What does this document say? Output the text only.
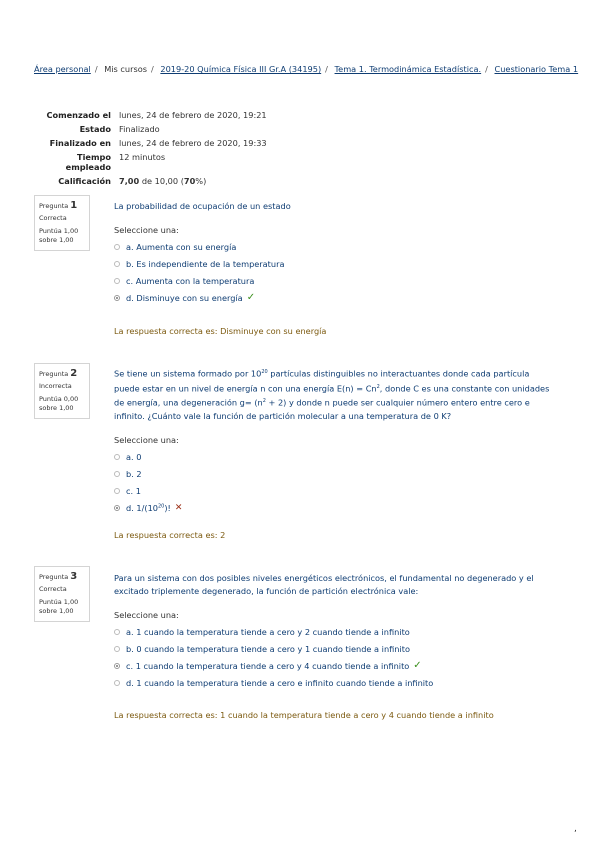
Área personal / Mis cursos / 2019-20 Química Física III Gr.A (34195) / Tema 1. Termodinámica Estadística. / Cuestionario Tema 1
Comenzado el lunes, 24 de febrero de 2020, 19:21
Estado Finalizado
Finalizado en lunes, 24 de febrero de 2020, 19:33
Tiempo
empleado
12 minutos
Calificación 7,00 de 10,00 (70%)
Pregunta 1
Correcta
Puntúa 1,00
sobre 1,00
La probabilidad de ocupación de un estado
Seleccione una:
a. Aumenta con su energía
b. Es independiente de la temperatura
c. Aumenta con la temperatura
d. Disminuye con su energía ✓
La respuesta correcta es: Disminuye con su energía
Pregunta 2
Incorrecta
Puntúa 0,00
sobre 1,00
Se tiene un sistema formado por $10^{20}$ partículas distinguibles no interactuantes donde cada partícula puede estar en un nivel de energía n con una energía $E(n) = Cn^2$, donde C es una constante con unidades de energía, una degeneración $g= (n^2 + 2)$ y donde n puede ser cualquier número entero entre cero e infinito. ¿Cuánto vale la función de partición molecular a una temperatura de 0 K?
Seleccione una:
a. 0
b. 2
c. 1
d. $1/(10^{20})$! ✕
La respuesta correcta es: 2
Pregunta 3
Correcta
Puntúa 1,00
sobre 1,00
Para un sistema con dos posibles niveles energéticos electrónicos, el fundamental no degenerado y el excitado triplemente degenerado, la función de partición electrónica vale:
Seleccione una:
a. 1 cuando la temperatura tiende a cero y 2 cuando tiende a infinito
b. 0 cuando la temperatura tiende a cero y 1 cuando tiende a infinito
c. 1 cuando la temperatura tiende a cero y 4 cuando tiende a infinito ✓
d. 1 cuando la temperatura tiende a cero e infinito cuando tiende a infinito
La respuesta correcta es: 1 cuando la temperatura tiende a cero y 4 cuando tiende a infinito
,
